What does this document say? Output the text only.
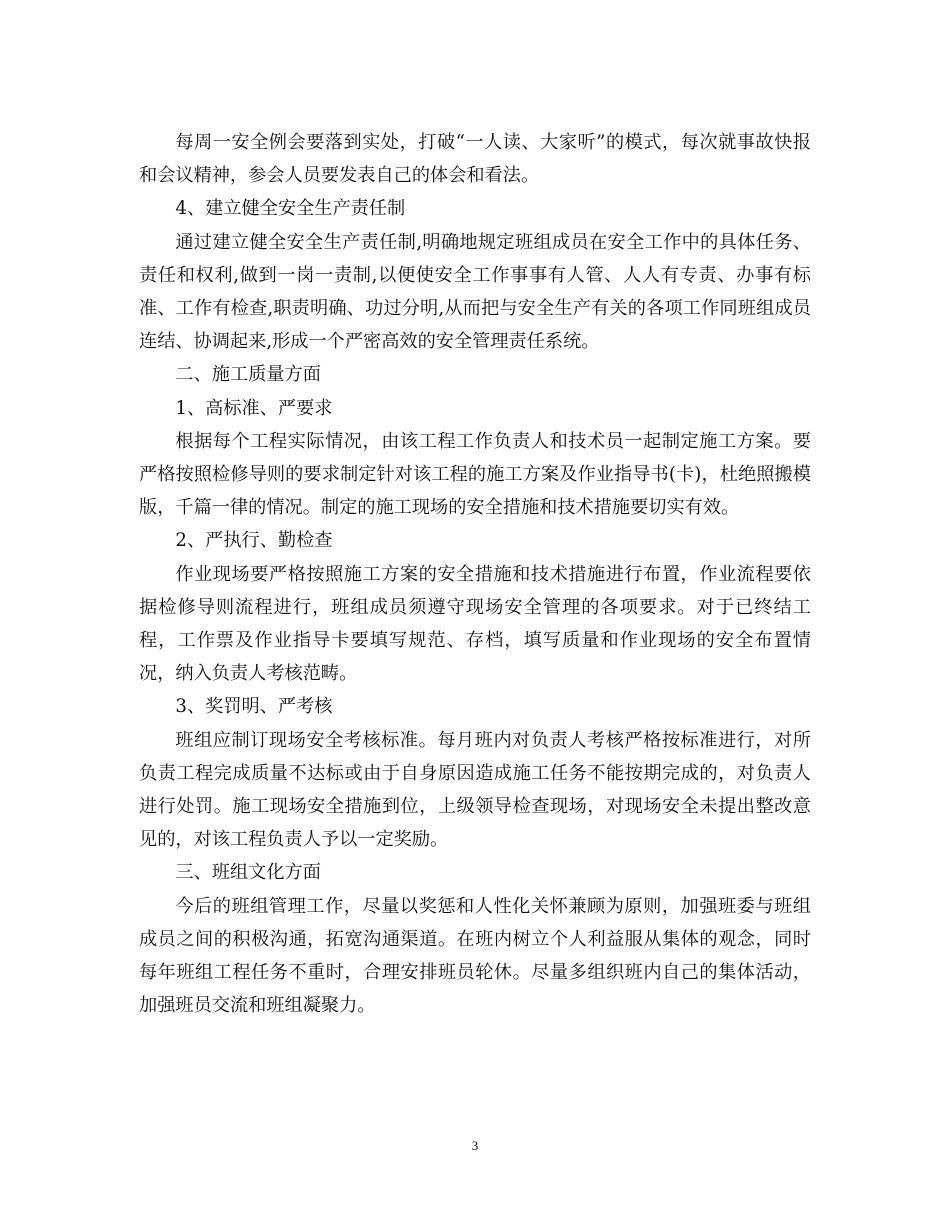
每周一安全例会要落到实处，打破“一人读、大家听”的模式，每次就事故快报和会议精神，参会人员要发表自己的体会和看法。

4、建立健全安全生产责任制

通过建立健全安全生产责任制,明确地规定班组成员在安全工作中的具体任务、责任和权利,做到一岗一责制,以便使安全工作事事有人管、人人有专责、办事有标准、工作有检查,职责明确、功过分明,从而把与安全生产有关的各项工作同班组成员连结、协调起来,形成一个严密高效的安全管理责任系统。

二、施工质量方面

1、高标准、严要求

根据每个工程实际情况，由该工程工作负责人和技术员一起制定施工方案。要严格按照检修导则的要求制定针对该工程的施工方案及作业指导书(卡)，杜绝照搬模版，千篇一律的情况。制定的施工现场的安全措施和技术措施要切实有效。

2、严执行、勤检查

作业现场要严格按照施工方案的安全措施和技术措施进行布置，作业流程要依据检修导则流程进行，班组成员须遵守现场安全管理的各项要求。对于已终结工程，工作票及作业指导卡要填写规范、存档，填写质量和作业现场的安全布置情况，纳入负责人考核范畴。

3、奖罚明、严考核

班组应制订现场安全考核标准。每月班内对负责人考核严格按标准进行，对所负责工程完成质量不达标或由于自身原因造成施工任务不能按期完成的，对负责人进行处罚。施工现场安全措施到位，上级领导检查现场，对现场安全未提出整改意见的，对该工程负责人予以一定奖励。

三、班组文化方面

今后的班组管理工作，尽量以奖惩和人性化关怀兼顾为原则，加强班委与班组成员之间的积极沟通，拓宽沟通渠道。在班内树立个人利益服从集体的观念，同时每年班组工程任务不重时，合理安排班员轮休。尽量多组织班内自己的集体活动，加强班员交流和班组凝聚力。

3
